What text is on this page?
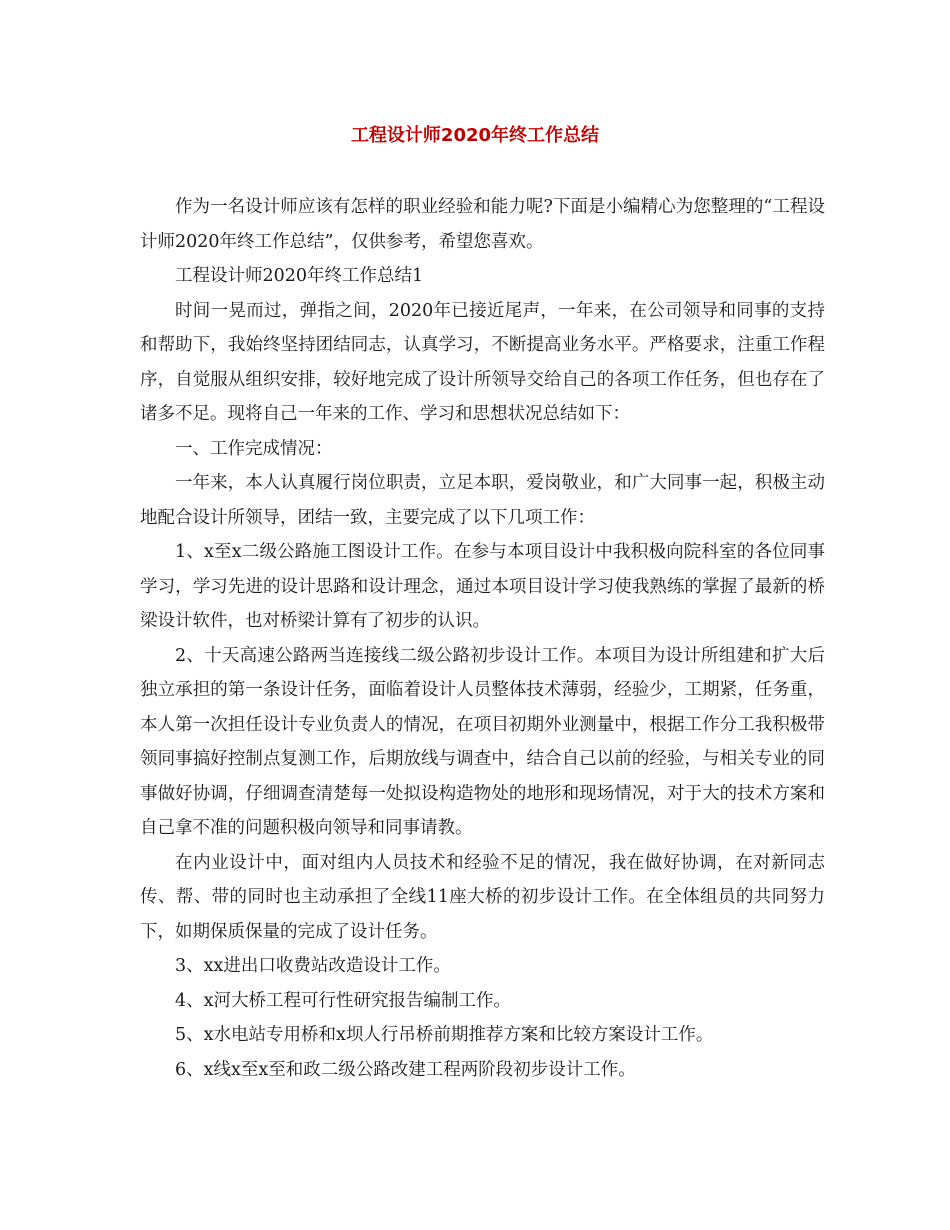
工程设计师2020年终工作总结

作为一名设计师应该有怎样的职业经验和能力呢?下面是小编精心为您整理的“工程设计师2020年终工作总结”，仅供参考，希望您喜欢。

工程设计师2020年终工作总结1

时间一晃而过，弹指之间，2020年已接近尾声，一年来，在公司领导和同事的支持和帮助下，我始终坚持团结同志，认真学习，不断提高业务水平。严格要求，注重工作程序，自觉服从组织安排，较好地完成了设计所领导交给自己的各项工作任务，但也存在了诸多不足。现将自己一年来的工作、学习和思想状况总结如下：

一、工作完成情况：

一年来，本人认真履行岗位职责，立足本职，爱岗敬业，和广大同事一起，积极主动地配合设计所领导，团结一致，主要完成了以下几项工作：

1、x至x二级公路施工图设计工作。在参与本项目设计中我积极向院科室的各位同事学习，学习先进的设计思路和设计理念，通过本项目设计学习使我熟练的掌握了最新的桥梁设计软件，也对桥梁计算有了初步的认识。

2、十天高速公路两当连接线二级公路初步设计工作。本项目为设计所组建和扩大后独立承担的第一条设计任务，面临着设计人员整体技术薄弱，经验少，工期紧，任务重，本人第一次担任设计专业负责人的情况，在项目初期外业测量中，根据工作分工我积极带领同事搞好控制点复测工作，后期放线与调查中，结合自己以前的经验，与相关专业的同事做好协调，仔细调查清楚每一处拟设构造物处的地形和现场情况，对于大的技术方案和自己拿不准的问题积极向领导和同事请教。

在内业设计中，面对组内人员技术和经验不足的情况，我在做好协调，在对新同志传、帮、带的同时也主动承担了全线11座大桥的初步设计工作。在全体组员的共同努力下，如期保质保量的完成了设计任务。

3、xx进出口收费站改造设计工作。

4、x河大桥工程可行性研究报告编制工作。

5、x水电站专用桥和x坝人行吊桥前期推荐方案和比较方案设计工作。

6、x线x至x至和政二级公路改建工程两阶段初步设计工作。
